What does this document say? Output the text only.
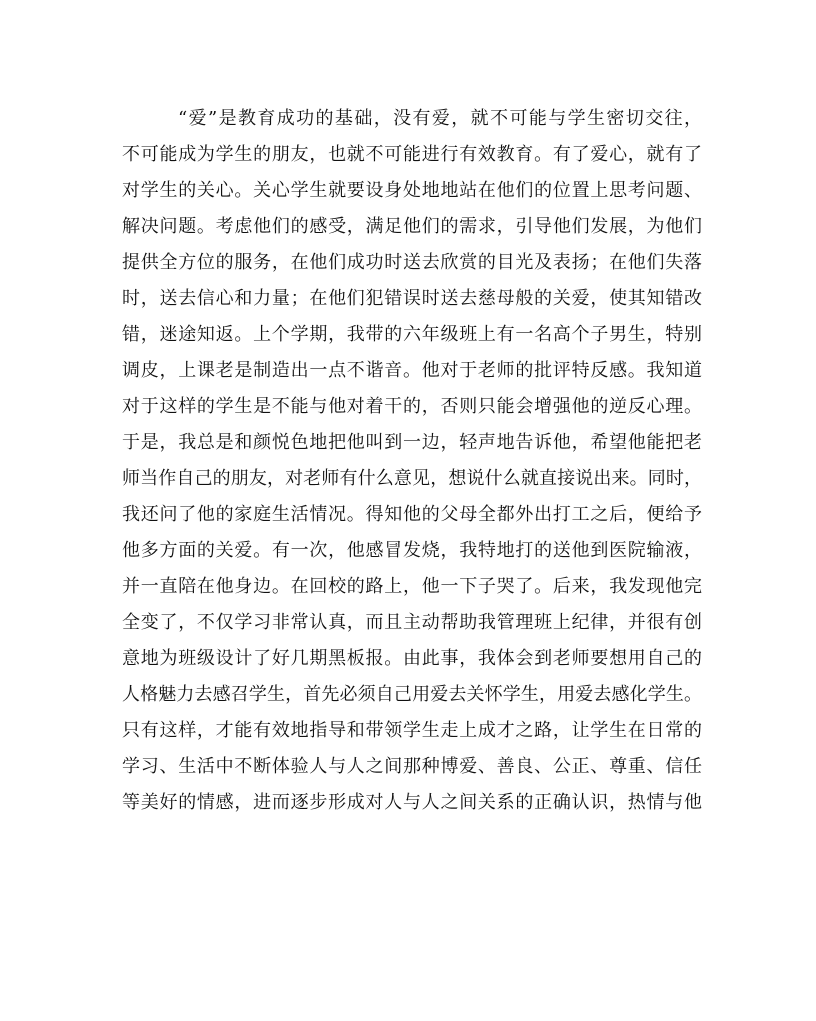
“爱”是教育成功的基础，没有爱，就不可能与学生密切交往，
不可能成为学生的朋友，也就不可能进行有效教育。有了爱心，就有了
对学生的关心。关心学生就要设身处地地站在他们的位置上思考问题、
解决问题。考虑他们的感受，满足他们的需求，引导他们发展，为他们
提供全方位的服务，在他们成功时送去欣赏的目光及表扬；在他们失落
时，送去信心和力量；在他们犯错误时送去慈母般的关爱，使其知错改
错，迷途知返。上个学期，我带的六年级班上有一名高个子男生，特别
调皮，上课老是制造出一点不谐音。他对于老师的批评特反感。我知道
对于这样的学生是不能与他对着干的，否则只能会增强他的逆反心理。
于是，我总是和颜悦色地把他叫到一边，轻声地告诉他，希望他能把老
师当作自己的朋友，对老师有什么意见，想说什么就直接说出来。同时，
我还问了他的家庭生活情况。得知他的父母全都外出打工之后，便给予
他多方面的关爱。有一次，他感冒发烧，我特地打的送他到医院输液，
并一直陪在他身边。在回校的路上，他一下子哭了。后来，我发现他完
全变了，不仅学习非常认真，而且主动帮助我管理班上纪律，并很有创
意地为班级设计了好几期黑板报。由此事，我体会到老师要想用自己的
人格魅力去感召学生，首先必须自己用爱去关怀学生，用爱去感化学生。
只有这样，才能有效地指导和带领学生走上成才之路，让学生在日常的
学习、生活中不断体验人与人之间那种博爱、善良、公正、尊重、信任
等美好的情感，进而逐步形成对人与人之间关系的正确认识，热情与他
